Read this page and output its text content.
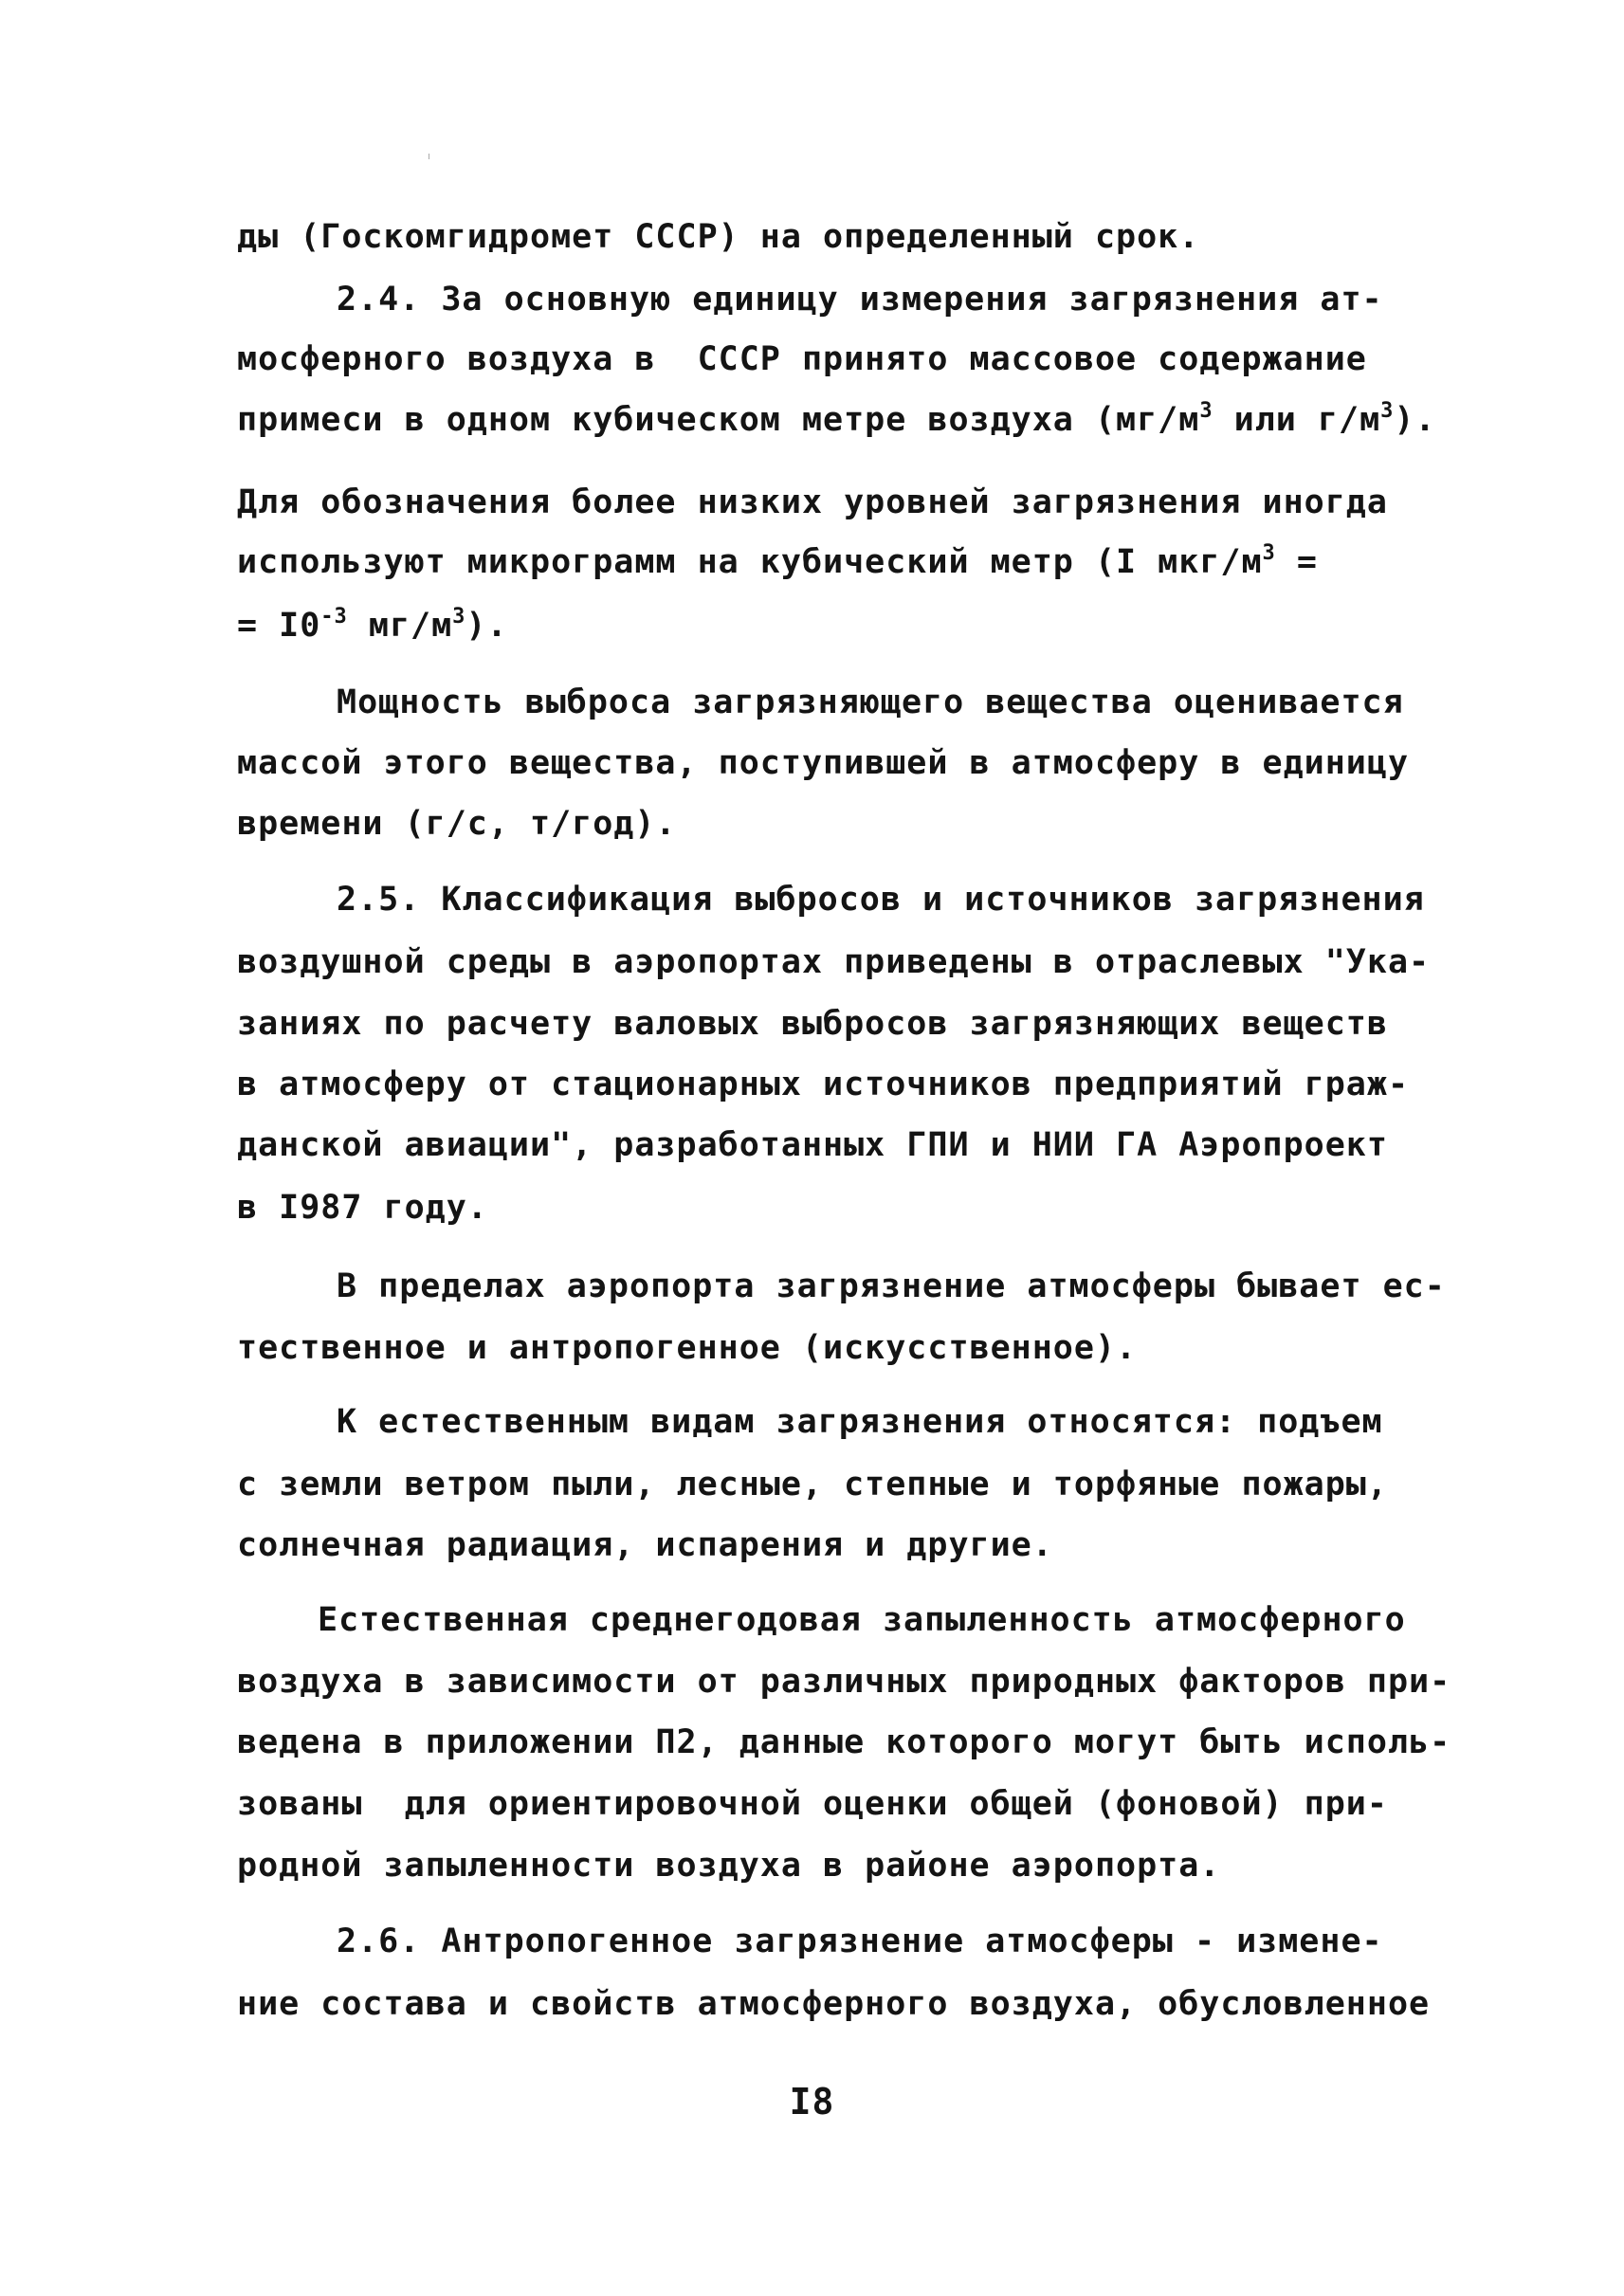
ды (Госкомгидромет СССР) на определенный срок.
2.4. За основную единицу измерения загрязнения ат-
мосферного воздуха в  СССР принято массовое содержание
примеси в одном кубическом метре воздуха ($мг/м^3$ или $г/м^3$).
Для обозначения более низких уровней загрязнения иногда
используют микрограмм на кубический метр (I мкг/$м^3$ =
= $I0^{-3}$ $мг/м^3$).
Мощность выброса загрязняющего вещества оценивается
массой этого вещества, поступившей в атмосферу в единицу
времени (г/с, т/год).
2.5. Классификация выбросов и источников загрязнения
воздушной среды в аэропортах приведены в отраслевых "Ука-
заниях по расчету валовых выбросов загрязняющих веществ
в атмосферу от стационарных источников предприятий граж-
данской авиации", разработанных ГПИ и НИИ ГА Аэропроект
в I987 году.
В пределах аэропорта загрязнение атмосферы бывает ес-
тественное и антропогенное (искусственное).
К естественным видам загрязнения относятся: подъем
с земли ветром пыли, лесные, степные и торфяные пожары,
солнечная радиация, испарения и другие.
Естественная среднегодовая запыленность атмосферного
воздуха в зависимости от различных природных факторов при-
ведена в приложении П2, данные которого могут быть исполь-
зованы  для ориентировочной оценки общей (фоновой) при-
родной запыленности воздуха в районе аэропорта.
2.6. Антропогенное загрязнение атмосферы - измене-
ние состава и свойств атмосферного воздуха, обусловленное
I8
